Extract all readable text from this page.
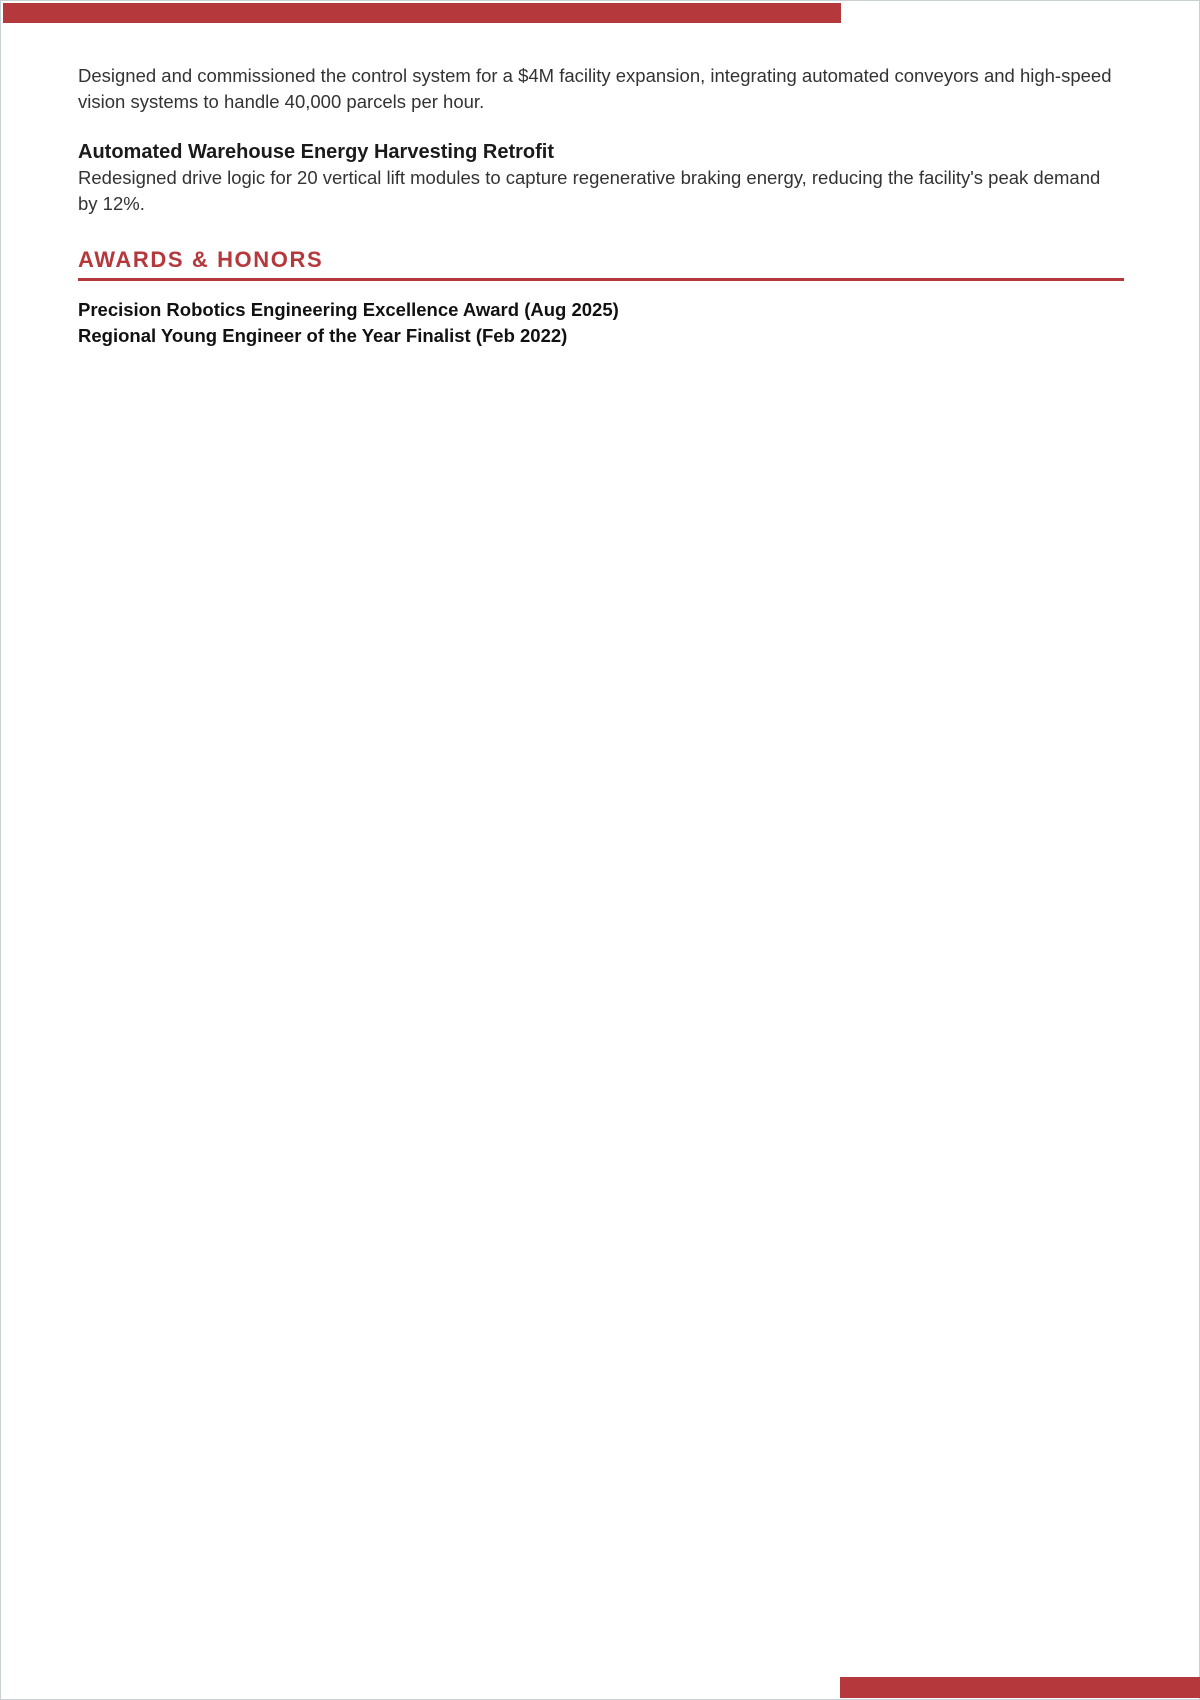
Designed and commissioned the control system for a $4M facility expansion, integrating automated conveyors and high-speed vision systems to handle 40,000 parcels per hour.

Automated Warehouse Energy Harvesting Retrofit

Redesigned drive logic for 20 vertical lift modules to capture regenerative braking energy, reducing the facility's peak demand by 12%.

AWARDS & HONORS

Precision Robotics Engineering Excellence Award (Aug 2025)

Regional Young Engineer of the Year Finalist (Feb 2022)
